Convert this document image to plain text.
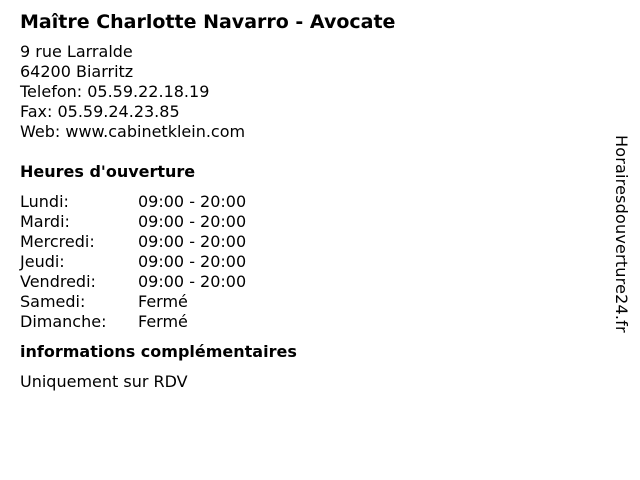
Maître Charlotte Navarro - Avocate
9 rue Larralde
64200 Biarritz
Telefon: 05.59.22.18.19
Fax: 05.59.24.23.85
Web: www.cabinetklein.com
Heures d'ouverture
Lundi:	09:00 - 20:00
Mardi:	09:00 - 20:00
Mercredi:	09:00 - 20:00
Jeudi:	09:00 - 20:00
Vendredi:	09:00 - 20:00
Samedi:	Fermé
Dimanche:	Fermé
informations complémentaires
Uniquement sur RDV
Horairesdouverture24.fr
